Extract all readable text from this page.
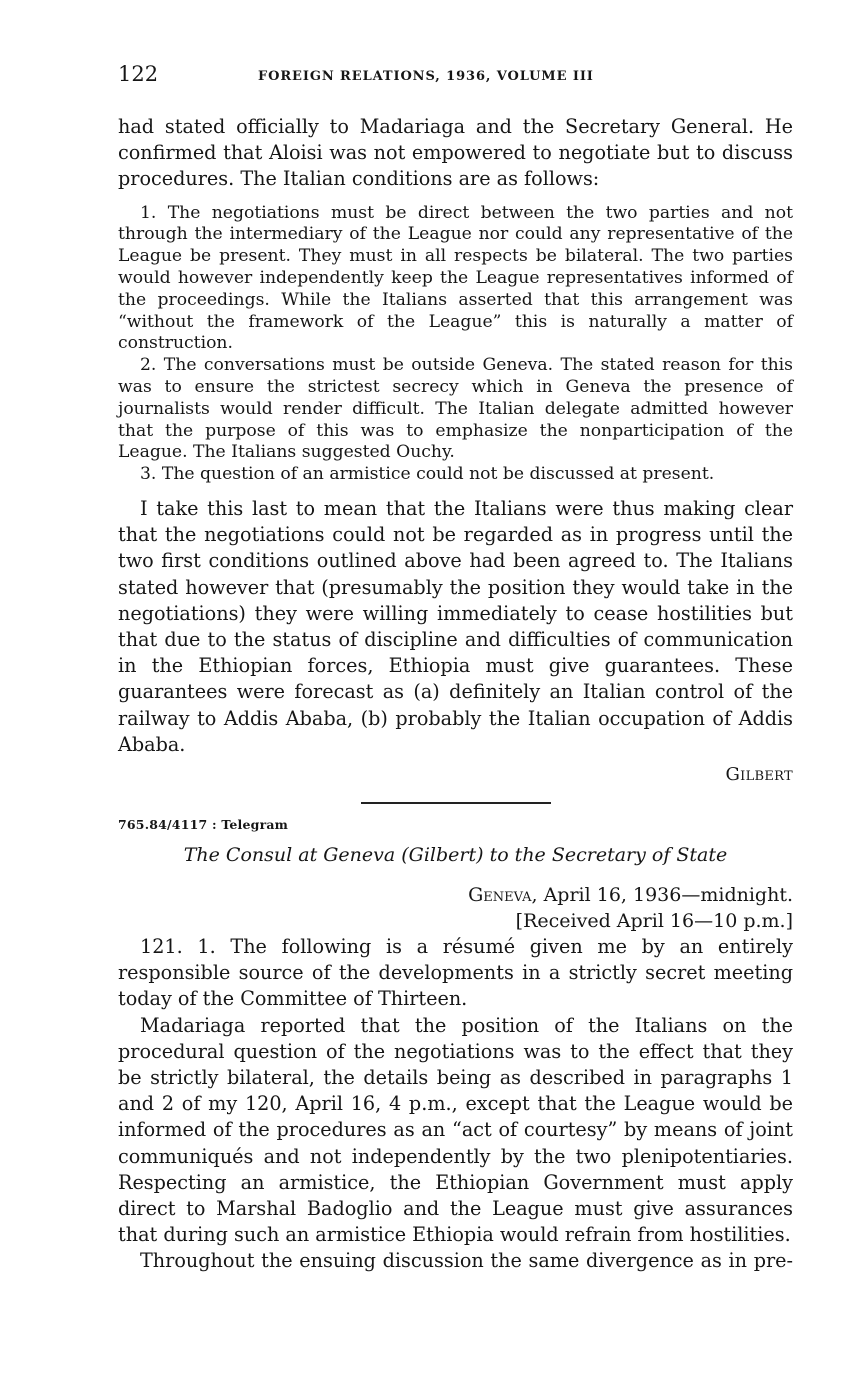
122	FOREIGN RELATIONS, 1936, VOLUME III

had stated officially to Madariaga and the Secretary General. He confirmed that Aloisi was not empowered to negotiate but to discuss procedures. The Italian conditions are as follows:

1. The negotiations must be direct between the two parties and not through the intermediary of the League nor could any representative of the League be present. They must in all respects be bilateral. The two parties would however independently keep the League representatives informed of the proceedings. While the Italians asserted that this arrangement was “without the framework of the League” this is naturally a matter of construction.

2. The conversations must be outside Geneva. The stated reason for this was to ensure the strictest secrecy which in Geneva the presence of journalists would render difficult. The Italian delegate admitted however that the purpose of this was to emphasize the nonparticipation of the League. The Italians suggested Ouchy.

3. The question of an armistice could not be discussed at present.

I take this last to mean that the Italians were thus making clear that the negotiations could not be regarded as in progress until the two first conditions outlined above had been agreed to. The Italians stated however that (presumably the position they would take in the negotiations) they were willing immediately to cease hostilities but that due to the status of discipline and difficulties of communication in the Ethiopian forces, Ethiopia must give guarantees. These guarantees were forecast as (a) definitely an Italian control of the railway to Addis Ababa, (b) probably the Italian occupation of Addis Ababa.

Gilbert
765.84/4117 : Telegram
The Consul at Geneva (Gilbert) to the Secretary of State
Geneva, April 16, 1936—midnight.
[Received April 16—10 p.m.]

121. 1. The following is a résumé given me by an entirely responsible source of the developments in a strictly secret meeting today of the Committee of Thirteen.

Madariaga reported that the position of the Italians on the procedural question of the negotiations was to the effect that they be strictly bilateral, the details being as described in paragraphs 1 and 2 of my 120, April 16, 4 p.m., except that the League would be informed of the procedures as an “act of courtesy” by means of joint communiqués and not independently by the two plenipotentiaries. Respecting an armistice, the Ethiopian Government must apply direct to Marshal Badoglio and the League must give assurances that during such an armistice Ethiopia would refrain from hostilities.

Throughout the ensuing discussion the same divergence as in pre-
